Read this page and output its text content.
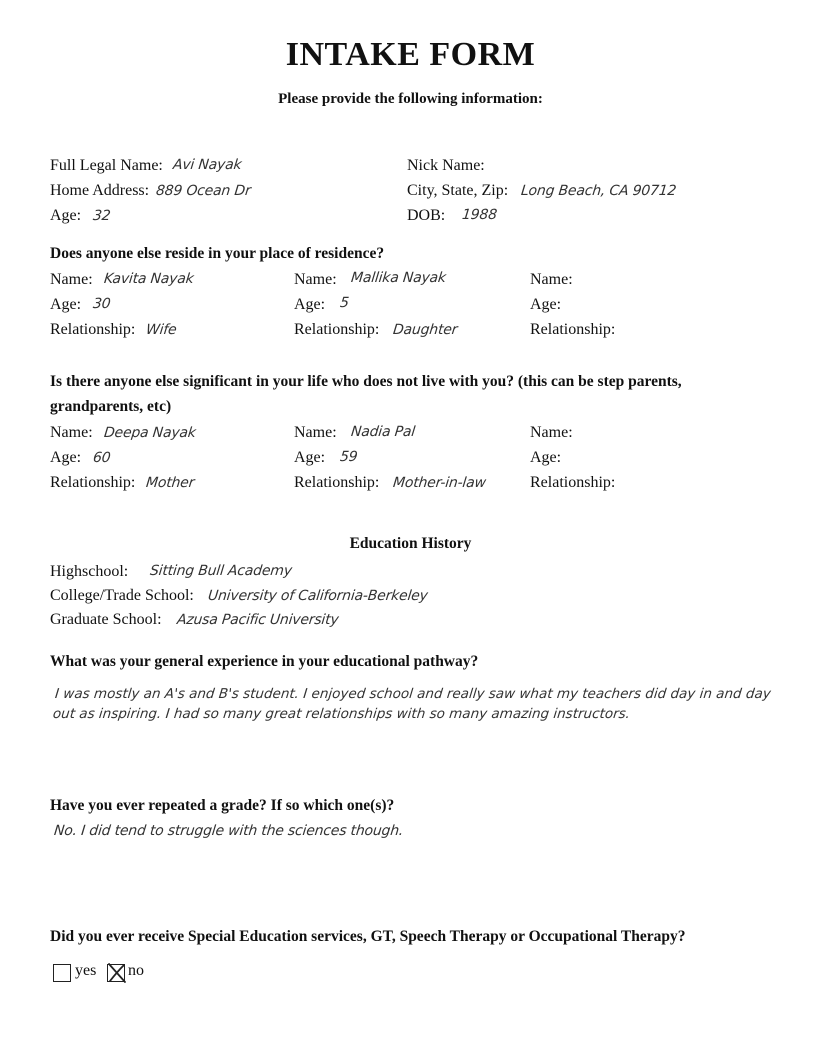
INTAKE FORM
Please provide the following information:
Full Legal Name: Avi Nayak	Nick Name:
Home Address: 889 Ocean Dr	City, State, Zip: Long Beach, CA 90712
Age: 32	DOB: 1988
Does anyone else reside in your place of residence?
Name: Kavita Nayak	Name: Mallika Nayak	Name:
Age: 30	Age: 5	Age:
Relationship: Wife	Relationship: Daughter	Relationship:
Is there anyone else significant in your life who does not live with you? (this can be step parents,
grandparents, etc)
Name: Deepa Nayak	Name: Nadia Pal	Name:
Age: 60	Age: 59	Age:
Relationship: Mother	Relationship: Mother-in-law	Relationship:
Education History
Highschool: Sitting Bull Academy
College/Trade School: University of California-Berkeley
Graduate School: Azusa Pacific University
What was your general experience in your educational pathway?
I was mostly an A's and B's student. I enjoyed school and really saw what my teachers did day in and day out as inspiring. I had so many great relationships with so many amazing instructors.
Have you ever repeated a grade? If so which one(s)?
No. I did tend to struggle with the sciences though.
Did you ever receive Special Education services, GT, Speech Therapy or Occupational Therapy?
yes no
